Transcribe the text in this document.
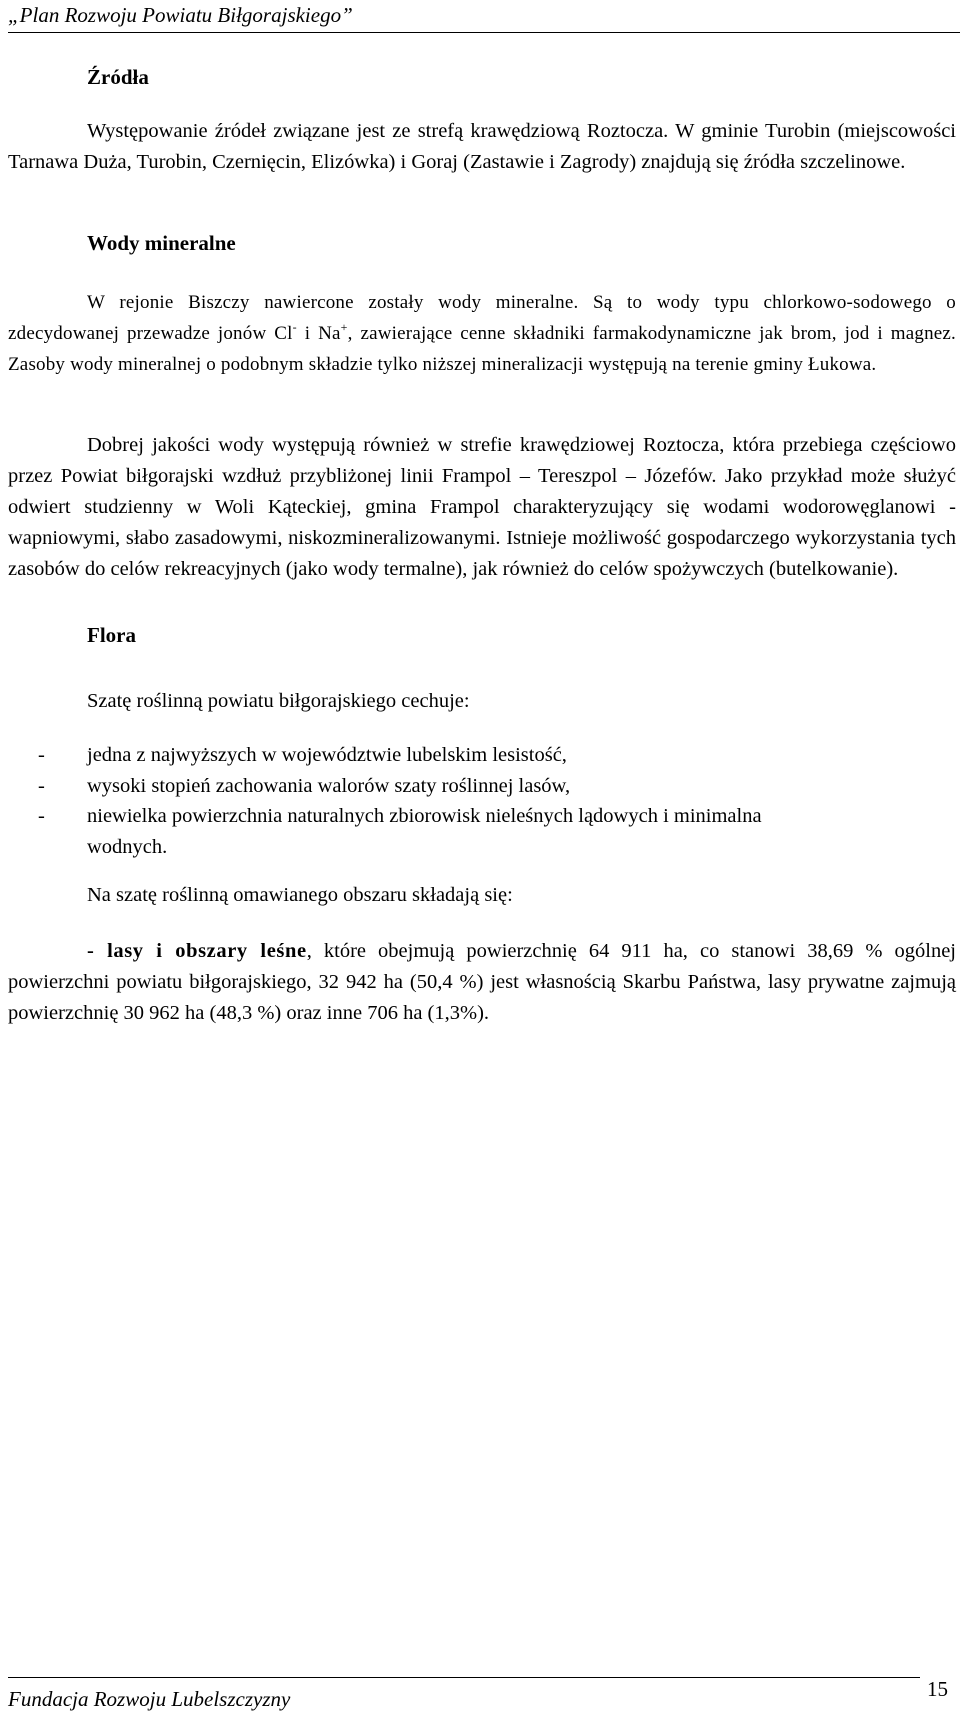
„Plan Rozwoju Powiatu Biłgorajskiego”
Źródła

Występowanie źródeł związane jest ze strefą krawędziową Roztocza. W gminie Turobin (miejscowości Tarnawa Duża, Turobin, Czernięcin, Elizówka) i Goraj (Zastawie i Zagrody) znajdują się źródła szczelinowe.

Wody mineralne

W rejonie Biszczy nawiercone zostały wody mineralne. Są to wody typu chlorkowo-sodowego o zdecydowanej przewadze jonów Cl- i Na+, zawierające cenne składniki farmakodynamiczne jak brom, jod i magnez. Zasoby wody mineralnej o podobnym składzie tylko niższej mineralizacji występują na terenie gminy Łukowa.

Dobrej jakości wody występują również w strefie krawędziowej Roztocza, która przebiega częściowo przez Powiat biłgorajski wzdłuż przybliżonej linii Frampol – Tereszpol – Józefów. Jako przykład może służyć odwiert studzienny w Woli Kąteckiej, gmina Frampol charakteryzujący się wodami wodorowęglanowi - wapniowymi, słabo zasadowymi, niskozmineralizowanymi. Istnieje możliwość gospodarczego wykorzystania tych zasobów do celów rekreacyjnych (jako wody termalne), jak również do celów spożywczych (butelkowanie).

Flora

Szatę roślinną powiatu biłgorajskiego cechuje:

- jedna z najwyższych w województwie lubelskim lesistość,
- wysoki stopień zachowania walorów szaty roślinnej lasów,
- niewielka powierzchnia naturalnych zbiorowisk nieleśnych lądowych i minimalna wodnych.

Na szatę roślinną omawianego obszaru składają się:

- lasy i obszary leśne, które obejmują powierzchnię 64 911 ha, co stanowi 38,69 % ogólnej powierzchni powiatu biłgorajskiego, 32 942 ha (50,4 %) jest własnością Skarbu Państwa, lasy prywatne zajmują powierzchnię 30 962 ha (48,3 %) oraz inne 706 ha (1,3%).

Fundacja Rozwoju Lubelszczyzny	15
